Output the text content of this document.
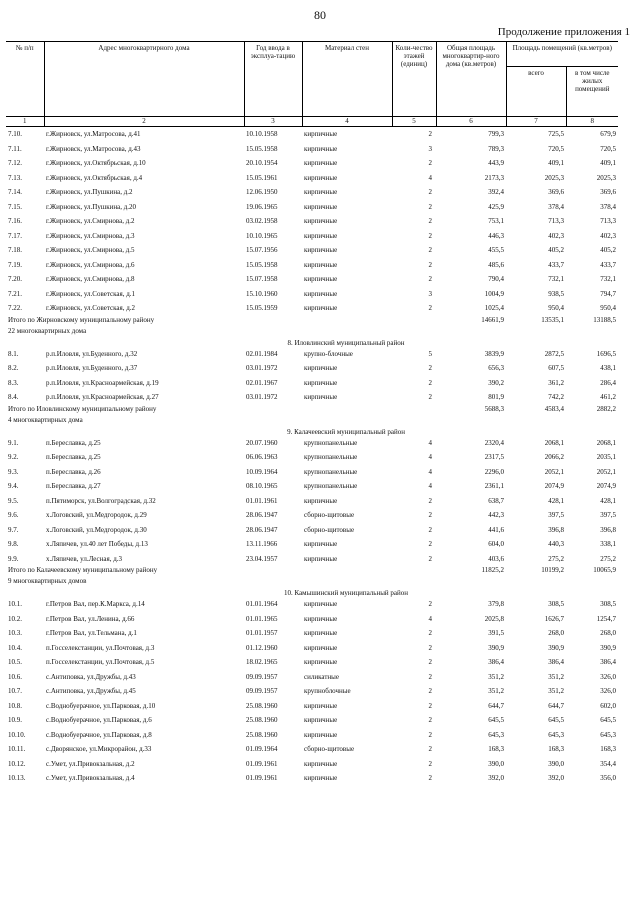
80
Продолжение приложения 1
№ п/п	Адрес многоквартирного дома	Год ввода в эксплуа-тацию	Материал стен	Коли-чество этажей (единиц)	Общая площадь многоквартир-ного дома (кв.метров)	Площадь помещений (кв.метров)	
						всего	в том числе жилых помещений
1	2	3	4	5	6	7	8
7.10.	г.Жирновск, ул.Матросова, д.41	10.10.1958	кирпичные	2	799,3	725,5	679,9
7.11.	г.Жирновск, ул.Матросова, д.43	15.05.1958	кирпичные	3	789,3	720,5	720,5
7.12.	г.Жирновск, ул.Октябрьская, д.10	20.10.1954	кирпичные	2	443,9	409,1	409,1
7.13.	г.Жирновск, ул.Октябрьская, д.4	15.05.1961	кирпичные	4	2173,3	2025,3	2025,3
7.14.	г.Жирновск, ул.Пушкина, д.2	12.06.1950	кирпичные	2	392,4	369,6	369,6
7.15.	г.Жирновск, ул.Пушкина, д.20	19.06.1965	кирпичные	2	425,9	378,4	378,4
7.16.	г.Жирновск, ул.Смирнова, д.2	03.02.1958	кирпичные	2	753,1	713,3	713,3
7.17.	г.Жирновск, ул.Смирнова, д.3	10.10.1965	кирпичные	2	446,3	402,3	402,3
7.18.	г.Жирновск, ул.Смирнова, д.5	15.07.1956	кирпичные	2	455,5	405,2	405,2
7.19.	г.Жирновск, ул.Смирнова, д.6	15.05.1958	кирпичные	2	485,6	433,7	433,7
7.20.	г.Жирновск, ул.Смирнова, д.8	15.07.1958	кирпичные	2	790,4	732,1	732,1
7.21.	г.Жирновск, ул.Советская, д.1	15.10.1960	кирпичные	3	1004,9	938,5	794,7
7.22.	г.Жирновск, ул.Советская, д.2	15.05.1959	кирпичные	2	1025,4	950,4	950,4
Итого по Жирновскому муниципальному району					14661,9	13535,1	13188,5
22 многоквартирных дома							
8. Иловлинский муниципальный район							
8.1.	р.п.Иловля, ул.Буденного, д.32	02.01.1984	крупно-блочные	5	3839,9	2872,5	1696,5
8.2.	р.п.Иловля, ул.Буденного, д.37	03.01.1972	кирпичные	2	656,3	607,5	438,1
8.3.	р.п.Иловля, ул.Красноармейская, д.19	02.01.1967	кирпичные	2	390,2	361,2	286,4
8.4.	р.п.Иловля, ул.Красноармейская, д.27	03.01.1972	кирпичные	2	801,9	742,2	461,2
Итого по Иловлинскому муниципальному району					5688,3	4583,4	2882,2
4 многоквартирных дома							
9. Калачеевский муниципальный район							
9.1.	п.Береславка, д.25	20.07.1960	крупнопанельные	4	2320,4	2068,1	2068,1
9.2.	п.Береславка, д.25	06.06.1963	крупнопанельные	4	2317,5	2066,2	2035,1
9.3.	п.Береславка, д.26	10.09.1964	крупнопанельные	4	2296,0	2052,1	2052,1
9.4.	п.Береславка, д.27	08.10.1965	крупнопанельные	4	2361,1	2074,9	2074,9
9.5.	п.Пятиморск, ул.Волгоградская, д.32	01.01.1961	кирпичные	2	638,7	428,1	428,1
9.6.	х.Логовский, ул.Медгородок, д.29	28.06.1947	сборно-щитовые	2	442,3	397,5	397,5
9.7.	х.Логовский, ул.Медгородок, д.30	28.06.1947	сборно-щитовые	2	441,6	396,8	396,8
9.8.	х.Ляпичев, ул.40 лет Победы, д.13	13.11.1966	кирпичные	2	604,0	440,3	338,1
9.9.	х.Ляпичев, ул.Лесная, д.3	23.04.1957	кирпичные	2	403,6	275,2	275,2
Итого по Калачеевскому муниципальному району					11825,2	10199,2	10065,9
9 многоквартирных домов							
10. Камышинский муниципальный район							
10.1.	г.Петров Вал, пер.К.Маркса, д.14	01.01.1964	кирпичные	2	379,8	308,5	308,5
10.2.	г.Петров Вал, ул.Ленина, д.66	01.01.1965	кирпичные	4	2025,8	1626,7	1254,7
10.3.	г.Петров Вал, ул.Тельмана, д.1	01.01.1957	кирпичные	2	391,5	268,0	268,0
10.4.	п.Госселекстанции, ул.Почтовая, д.3	01.12.1960	кирпичные	2	390,9	390,9	390,9
10.5.	п.Госселекстанции, ул.Почтовая, д.5	18.02.1965	кирпичные	2	386,4	386,4	386,4
10.6.	с.Антиповка, ул.Дружбы, д.43	09.09.1957	силикатные	2	351,2	351,2	326,0
10.7.	с.Антиповка, ул.Дружбы, д.45	09.09.1957	крупноблочные	2	351,2	351,2	326,0
10.8.	с.Воднобуерачное, ул.Парковая, д.10	25.08.1960	кирпичные	2	644,7	644,7	602,0
10.9.	с.Воднобуерачное, ул.Парковая, д.6	25.08.1960	кирпичные	2	645,5	645,5	645,5
10.10.	с.Воднобуерачное, ул.Парковая, д.8	25.08.1960	кирпичные	2	645,3	645,3	645,3
10.11.	с.Дворянское, ул.Микрорайон, д.33	01.09.1964	сборно-щитовые	2	168,3	168,3	168,3
10.12.	с.Умет, ул.Привокзальная, д.2	01.09.1961	кирпичные	2	390,0	390,0	354,4
10.13.	с.Умет, ул.Привокзальная, д.4	01.09.1961	кирпичные	2	392,0	392,0	356,0
